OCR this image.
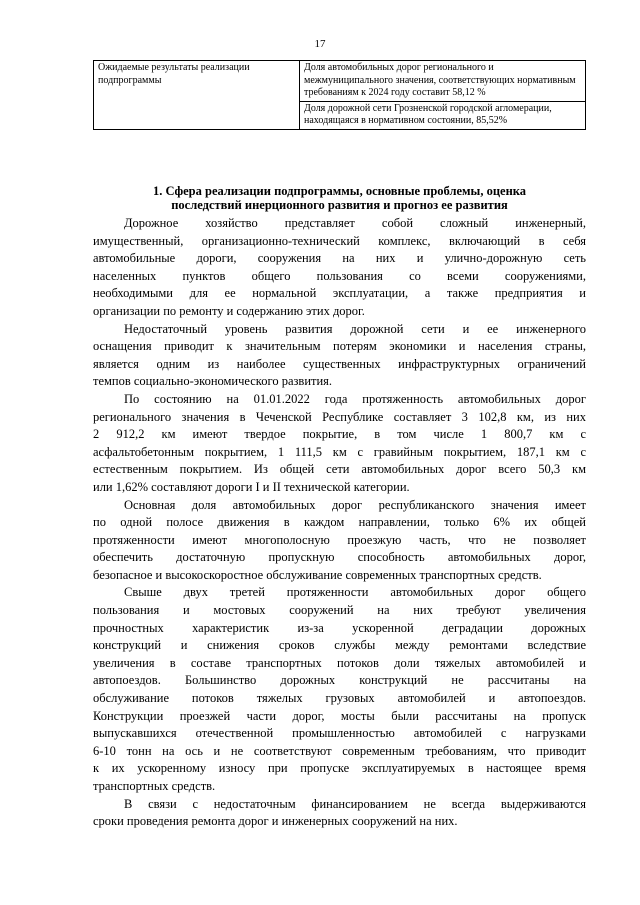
17
Ожидаемые результаты реализации подпрограммы	Доля автомобильных дорог регионального и межмуниципального значения, соответствующих нормативным требованиям к 2024 году составит 58,12 %
Доля дорожной сети Грозненской городской агломерации, находящаяся в нормативном состоянии, 85,52%
1. Сфера реализации подпрограммы, основные проблемы, оценка
последствий инерционного развития и прогноз ее развития
Дорожное хозяйство представляет собой сложный инженерный,
имущественный, организационно-технический комплекс, включающий в себя
автомобильные дороги, сооружения на них и улично-дорожную сеть
населенных пунктов общего пользования со всеми сооружениями,
необходимыми для ее нормальной эксплуатации, а также предприятия и
организации по ремонту и содержанию этих дорог.
Недостаточный уровень развития дорожной сети и ее инженерного
оснащения приводит к значительным потерям экономики и населения страны,
является одним из наиболее существенных инфраструктурных ограничений
темпов социально-экономического развития.
По состоянию на 01.01.2022 года протяженность автомобильных дорог
регионального значения в Чеченской Республике составляет 3 102,8 км, из них
2 912,2 км имеют твердое покрытие, в том числе 1 800,7 км с
асфальтобетонным покрытием, 1 111,5 км с гравийным покрытием, 187,1 км с
естественным покрытием. Из общей сети автомобильных дорог всего 50,3 км
или 1,62% составляют дороги I и II технической категории.
Основная доля автомобильных дорог республиканского значения имеет
по одной полосе движения в каждом направлении, только 6% их общей
протяженности имеют многополосную проезжую часть, что не позволяет
обеспечить достаточную пропускную способность автомобильных дорог,
безопасное и высокоскоростное обслуживание современных транспортных средств.
Свыше двух третей протяженности автомобильных дорог общего
пользования и мостовых сооружений на них требуют увеличения
прочностных характеристик из-за ускоренной деградации дорожных
конструкций и снижения сроков службы между ремонтами вследствие
увеличения в составе транспортных потоков доли тяжелых автомобилей и
автопоездов. Большинство дорожных конструкций не рассчитаны на
обслуживание потоков тяжелых грузовых автомобилей и автопоездов.
Конструкции проезжей части дорог, мосты были рассчитаны на пропуск
выпускавшихся отечественной промышленностью автомобилей с нагрузками
6-10 тонн на ось и не соответствуют современным требованиям, что приводит
к их ускоренному износу при пропуске эксплуатируемых в настоящее время
транспортных средств.
В связи с недостаточным финансированием не всегда выдерживаются
сроки проведения ремонта дорог и инженерных сооружений на них.
